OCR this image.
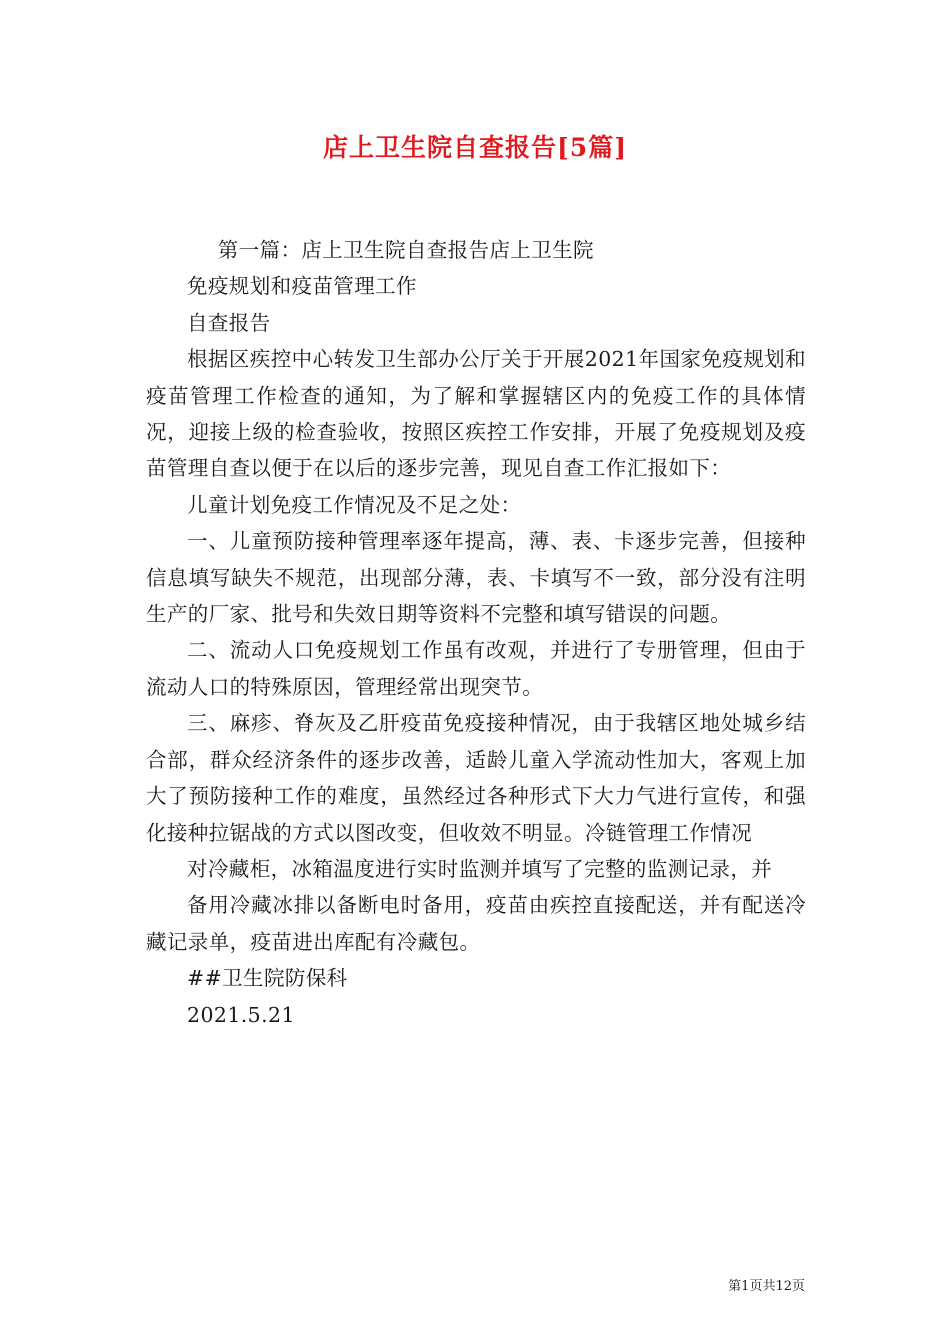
店上卫生院自查报告[5篇]

第一篇：店上卫生院自查报告店上卫生院

免疫规划和疫苗管理工作

自查报告

根据区疾控中心转发卫生部办公厅关于开展2021年国家免疫规划和疫苗管理工作检查的通知，为了解和掌握辖区内的免疫工作的具体情况，迎接上级的检查验收，按照区疾控工作安排，开展了免疫规划及疫苗管理自查以便于在以后的逐步完善，现见自查工作汇报如下：

儿童计划免疫工作情况及不足之处：

一、儿童预防接种管理率逐年提高，薄、表、卡逐步完善，但接种信息填写缺失不规范，出现部分薄，表、卡填写不一致，部分没有注明生产的厂家、批号和失效日期等资料不完整和填写错误的问题。

二、流动人口免疫规划工作虽有改观，并进行了专册管理，但由于流动人口的特殊原因，管理经常出现突节。

三、麻疹、脊灰及乙肝疫苗免疫接种情况，由于我辖区地处城乡结合部，群众经济条件的逐步改善，适龄儿童入学流动性加大，客观上加大了预防接种工作的难度，虽然经过各种形式下大力气进行宣传，和强化接种拉锯战的方式以图改变，但收效不明显。冷链管理工作情况

对冷藏柜，冰箱温度进行实时监测并填写了完整的监测记录，并

备用冷藏冰排以备断电时备用，疫苗由疾控直接配送，并有配送冷藏记录单，疫苗进出库配有冷藏包。

##卫生院防保科

2021.5.21

第1页共12页
